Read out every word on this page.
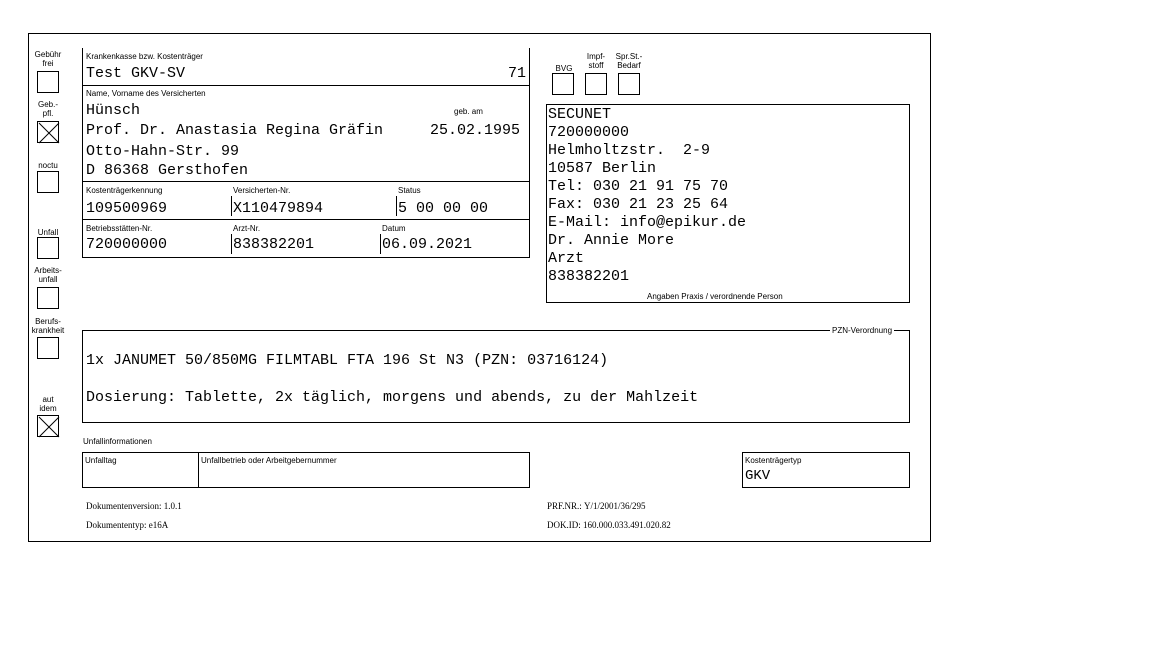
Gebühr
frei
Geb.-
pfl.
noctu
Unfall
Arbeits-
unfall
Berufs-
krankheit
aut
idem
Krankenkasse bzw. Kostenträger
Test GKV-SV	71
Name, Vorname des Versicherten
geb. am
Hünsch
Prof. Dr. Anastasia Regina Gräfin	25.02.1995
Otto-Hahn-Str. 99
D 86368 Gersthofen
Kostenträgerkennung	Versicherten-Nr.	Status
109500969	X110479894	5 00 00 00
Betriebsstätten-Nr.	Arzt-Nr.	Datum
720000000	838382201	06.09.2021
BVG
Impf-
stoff
Spr.St.-
Bedarf
SECUNET
720000000
Helmholtzstr.  2-9
10587 Berlin
Tel: 030 21 91 75 70
Fax: 030 21 23 25 64
E-Mail: info@epikur.de
Dr. Annie More
Arzt
838382201
Angaben Praxis / verordnende Person
PZN-Verordnung
1x JANUMET 50/850MG FILMTABL FTA 196 St N3 (PZN: 03716124)
Dosierung: Tablette, 2x täglich, morgens und abends, zu der Mahlzeit
Unfallinformationen
Unfalltag	Unfallbetrieb oder Arbeitgebernummer	Kostenträgertyp
GKV
Dokumentenversion: 1.0.1
Dokumententyp: e16A
PRF.NR.: Y/1/2001/36/295
DOK.ID: 160.000.033.491.020.82
